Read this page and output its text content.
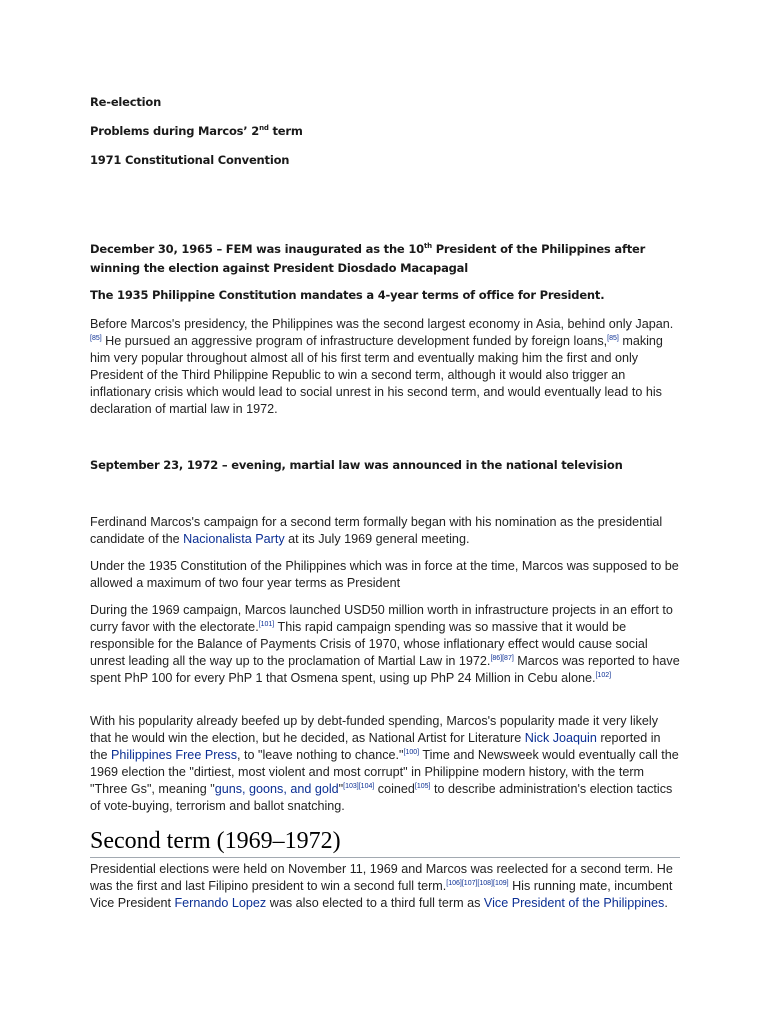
Re-election

Problems during Marcos’ 2nd term

1971 Constitutional Convention

December 30, 1965 – FEM was inaugurated as the 10th President of the Philippines after winning the election against President Diosdado Macapagal

The 1935 Philippine Constitution mandates a 4-year terms of office for President.

Before Marcos's presidency, the Philippines was the second largest economy in Asia, behind only Japan.[85] He pursued an aggressive program of infrastructure development funded by foreign loans,[85] making him very popular throughout almost all of his first term and eventually making him the first and only President of the Third Philippine Republic to win a second term, although it would also trigger an inflationary crisis which would lead to social unrest in his second term, and would eventually lead to his declaration of martial law in 1972.

September 23, 1972 – evening, martial law was announced in the national television

Ferdinand Marcos's campaign for a second term formally began with his nomination as the presidential candidate of the Nacionalista Party at its July 1969 general meeting.

Under the 1935 Constitution of the Philippines which was in force at the time, Marcos was supposed to be allowed a maximum of two four year terms as President

During the 1969 campaign, Marcos launched USD50 million worth in infrastructure projects in an effort to curry favor with the electorate.[101] This rapid campaign spending was so massive that it would be responsible for the Balance of Payments Crisis of 1970, whose inflationary effect would cause social unrest leading all the way up to the proclamation of Martial Law in 1972.[86][87] Marcos was reported to have spent PhP 100 for every PhP 1 that Osmena spent, using up PhP 24 Million in Cebu alone.[102]

With his popularity already beefed up by debt-funded spending, Marcos's popularity made it very likely that he would win the election, but he decided, as National Artist for Literature Nick Joaquin reported in the Philippines Free Press, to "leave nothing to chance."[100] Time and Newsweek would eventually call the 1969 election the "dirtiest, most violent and most corrupt" in Philippine modern history, with the term "Three Gs", meaning "guns, goons, and gold"[103][104] coined[105] to describe administration's election tactics of vote-buying, terrorism and ballot snatching.

Second term (1969–1972)

Presidential elections were held on November 11, 1969 and Marcos was reelected for a second term. He was the first and last Filipino president to win a second full term.[106][107][108][109] His running mate, incumbent Vice President Fernando Lopez was also elected to a third full term as Vice President of the Philippines.
